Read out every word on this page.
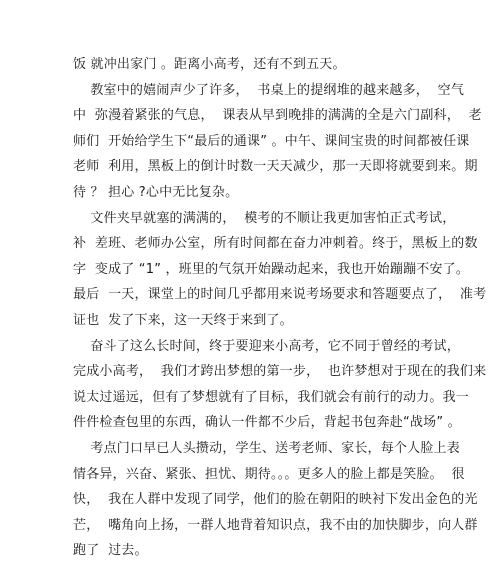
饭 就冲出家门 。距离小高考，还有不到五天。
教室中的嬉闹声少了许多，  书桌上的提纲堆的越来越多，  空气
中  弥漫着紧张的气息，  课表从早到晚排的满满的全是六门副科，  老
师们  开始给学生下“最后的通课” 。中午、课间宝贵的时间都被任课
老师  利用，黑板上的倒计时数一天天减少，那一天即将就要到来。期
待 ？ 担心 ?心中无比复杂。
文件夹早就塞的满满的，  模考的不顺让我更加害怕正式考试，
补  差班、老师办公室，所有时间都在奋力冲刺着。终于，黑板上的数
字  变成了 “1” ，班里的气氛开始躁动起来，我也开始蹦蹦不安了。
最后  一天，课堂上的时间几乎都用来说考场要求和答题要点了，  准考
证也  发了下来，这一天终于来到了。
奋斗了这么长时间，终于要迎来小高考，它不同于曾经的考试，
完成小高考，  我们才跨出梦想的第一步，  也许梦想对于现在的我们来
说太过遥远，但有了梦想就有了目标，我们就会有前行的动力。我一
件件检查包里的东西，确认一件都不少后，背起书包奔赴“战场” 。
考点门口早已人头攒动，学生、送考老师、家长，每个人脸上表
情各异，兴奋、紧张、担忧、期待。。。更多人的脸上都是笑脸。  很
快，  我在人群中发现了同学，他们的脸在朝阳的映衬下发出金色的光
芒，  嘴角向上扬，一群人地背着知识点，我不由的加快脚步，向人群
跑了  过去。
